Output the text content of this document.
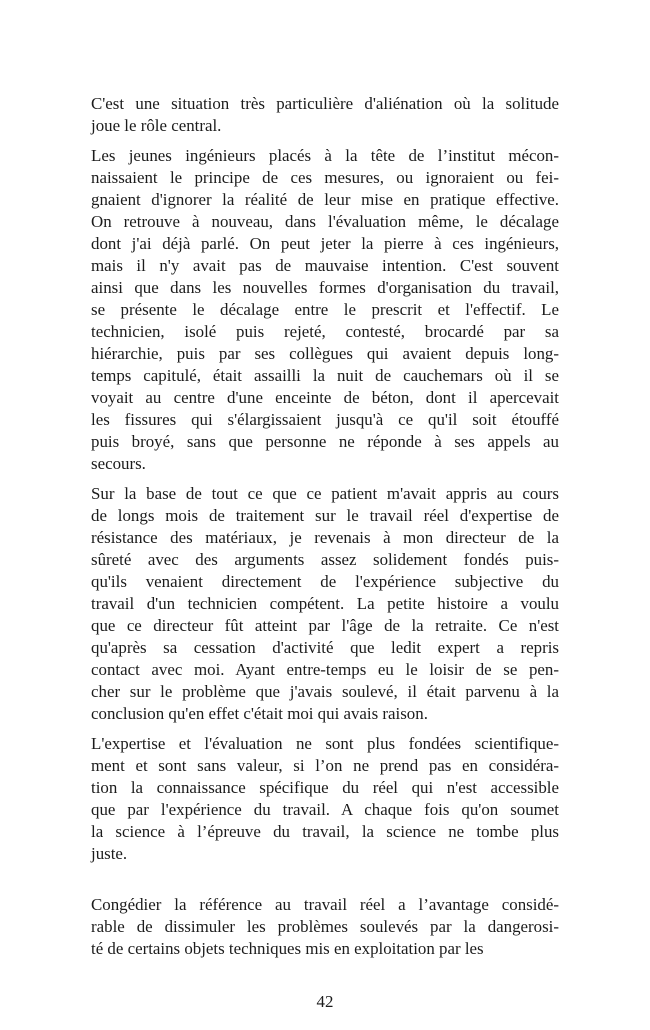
C'est une situation très particulière d'aliénation où la solitude
joue le rôle central.

Les jeunes ingénieurs placés à la tête de l’institut mécon-
naissaient le principe de ces mesures, ou ignoraient ou fei-
gnaient d'ignorer la réalité de leur mise en pratique effective.
On retrouve à nouveau, dans l'évaluation même, le décalage
dont j'ai déjà parlé. On peut jeter la pierre à ces ingénieurs,
mais il n'y avait pas de mauvaise intention. C'est souvent
ainsi que dans les nouvelles formes d'organisation du travail,
se présente le décalage entre le prescrit et l'effectif. Le
technicien, isolé puis rejeté, contesté, brocardé par sa
hiérarchie, puis par ses collègues qui avaient depuis long-
temps capitulé, était assailli la nuit de cauchemars où il se
voyait au centre d'une enceinte de béton, dont il apercevait
les fissures qui s'élargissaient jusqu'à ce qu'il soit étouffé
puis broyé, sans que personne ne réponde à ses appels au
secours.

Sur la base de tout ce que ce patient m'avait appris au cours
de longs mois de traitement sur le travail réel d'expertise de
résistance des matériaux, je revenais à mon directeur de la
sûreté avec des arguments assez solidement fondés puis-
qu'ils venaient directement de l'expérience subjective du
travail d'un technicien compétent. La petite histoire a voulu
que ce directeur fût atteint par l'âge de la retraite. Ce n'est
qu'après sa cessation d'activité que ledit expert a repris
contact avec moi. Ayant entre-temps eu le loisir de se pen-
cher sur le problème que j'avais soulevé, il était parvenu à la
conclusion qu'en effet c'était moi qui avais raison.

L'expertise et l'évaluation ne sont plus fondées scientifique-
ment et sont sans valeur, si l’on ne prend pas en considéra-
tion la connaissance spécifique du réel qui n'est accessible
que par l'expérience du travail. A chaque fois qu'on soumet
la science à l’épreuve du travail, la science ne tombe plus
juste.

Congédier la référence au travail réel a l’avantage considé-
rable de dissimuler les problèmes soulevés par la dangerosi-
té de certains objets techniques mis en exploitation par les

42
